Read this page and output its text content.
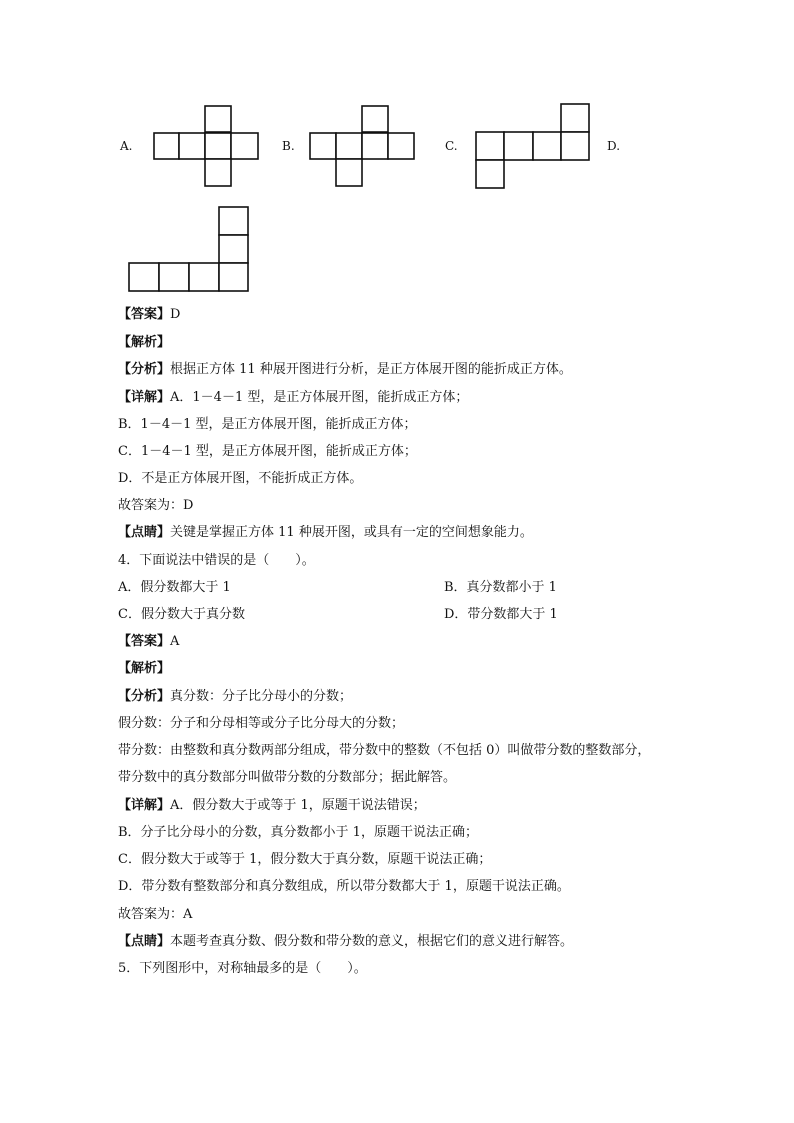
A.	B.	C.	D.
【答案】D
【解析】
【分析】根据正方体 11 种展开图进行分析，是正方体展开图的能折成正方体。
【详解】A．1－4－1 型，是正方体展开图，能折成正方体；
B．1－4－1 型，是正方体展开图，能折成正方体；
C．1－4－1 型，是正方体展开图，能折成正方体；
D．不是正方体展开图，不能折成正方体。
故答案为：D
【点睛】关键是掌握正方体 11 种展开图，或具有一定的空间想象能力。
4．下面说法中错误的是（　　）。
A．假分数都大于 1	B．真分数都小于 1
C．假分数大于真分数	D．带分数都大于 1
【答案】A
【解析】
【分析】真分数：分子比分母小的分数；
假分数：分子和分母相等或分子比分母大的分数；
带分数：由整数和真分数两部分组成，带分数中的整数（不包括 0）叫做带分数的整数部分，
带分数中的真分数部分叫做带分数的分数部分；据此解答。
【详解】A．假分数大于或等于 1，原题干说法错误；
B．分子比分母小的分数，真分数都小于 1，原题干说法正确；
C．假分数大于或等于 1，假分数大于真分数，原题干说法正确；
D．带分数有整数部分和真分数组成，所以带分数都大于 1，原题干说法正确。
故答案为：A
【点睛】本题考查真分数、假分数和带分数的意义，根据它们的意义进行解答。
5．下列图形中，对称轴最多的是（　　）。
